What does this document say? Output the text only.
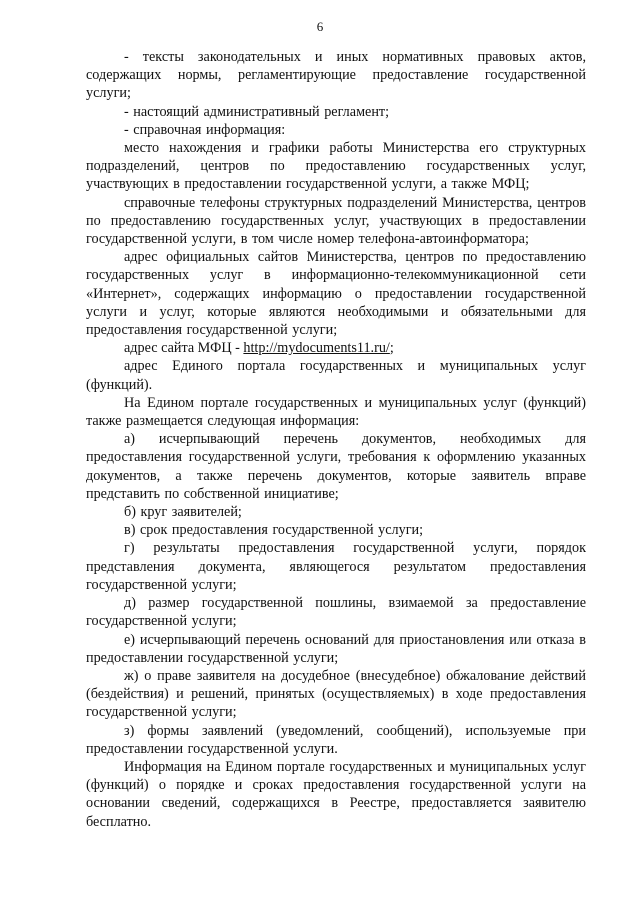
6

- тексты законодательных и иных нормативных правовых актов, содержащих нормы, регламентирующие предоставление государственной услуги;

- настоящий административный регламент;

- справочная информация:

место нахождения и графики работы Министерства его структурных подразделений, центров по предоставлению государственных услуг, участвующих в предоставлении государственной услуги, а также МФЦ;

справочные телефоны структурных подразделений Министерства, центров по предоставлению государственных услуг, участвующих в предоставлении государственной услуги, в том числе номер телефона-автоинформатора;

адрес официальных сайтов Министерства, центров по предоставлению государственных услуг в информационно-телекоммуникационной сети «Интернет», содержащих информацию о предоставлении государственной услуги и услуг, которые являются необходимыми и обязательными для предоставления государственной услуги;

адрес сайта МФЦ - http://mydocuments11.ru/;

адрес Единого портала государственных и муниципальных услуг (функций).

На Едином портале государственных и муниципальных услуг (функций) также размещается следующая информация:

а) исчерпывающий перечень документов, необходимых для предоставления государственной услуги, требования к оформлению указанных документов, а также перечень документов, которые заявитель вправе представить по собственной инициативе;

б) круг заявителей;

в) срок предоставления государственной услуги;

г) результаты предоставления государственной услуги, порядок представления документа, являющегося результатом предоставления государственной услуги;

д) размер государственной пошлины, взимаемой за предоставление государственной услуги;

е) исчерпывающий перечень оснований для приостановления или отказа в предоставлении государственной услуги;

ж) о праве заявителя на досудебное (внесудебное) обжалование действий (бездействия) и решений, принятых (осуществляемых) в ходе предоставления государственной услуги;

з) формы заявлений (уведомлений, сообщений), используемые при предоставлении государственной услуги.

Информация на Едином портале государственных и муниципальных услуг (функций) о порядке и сроках предоставления государственной услуги на основании сведений, содержащихся в Реестре, предоставляется заявителю бесплатно.
